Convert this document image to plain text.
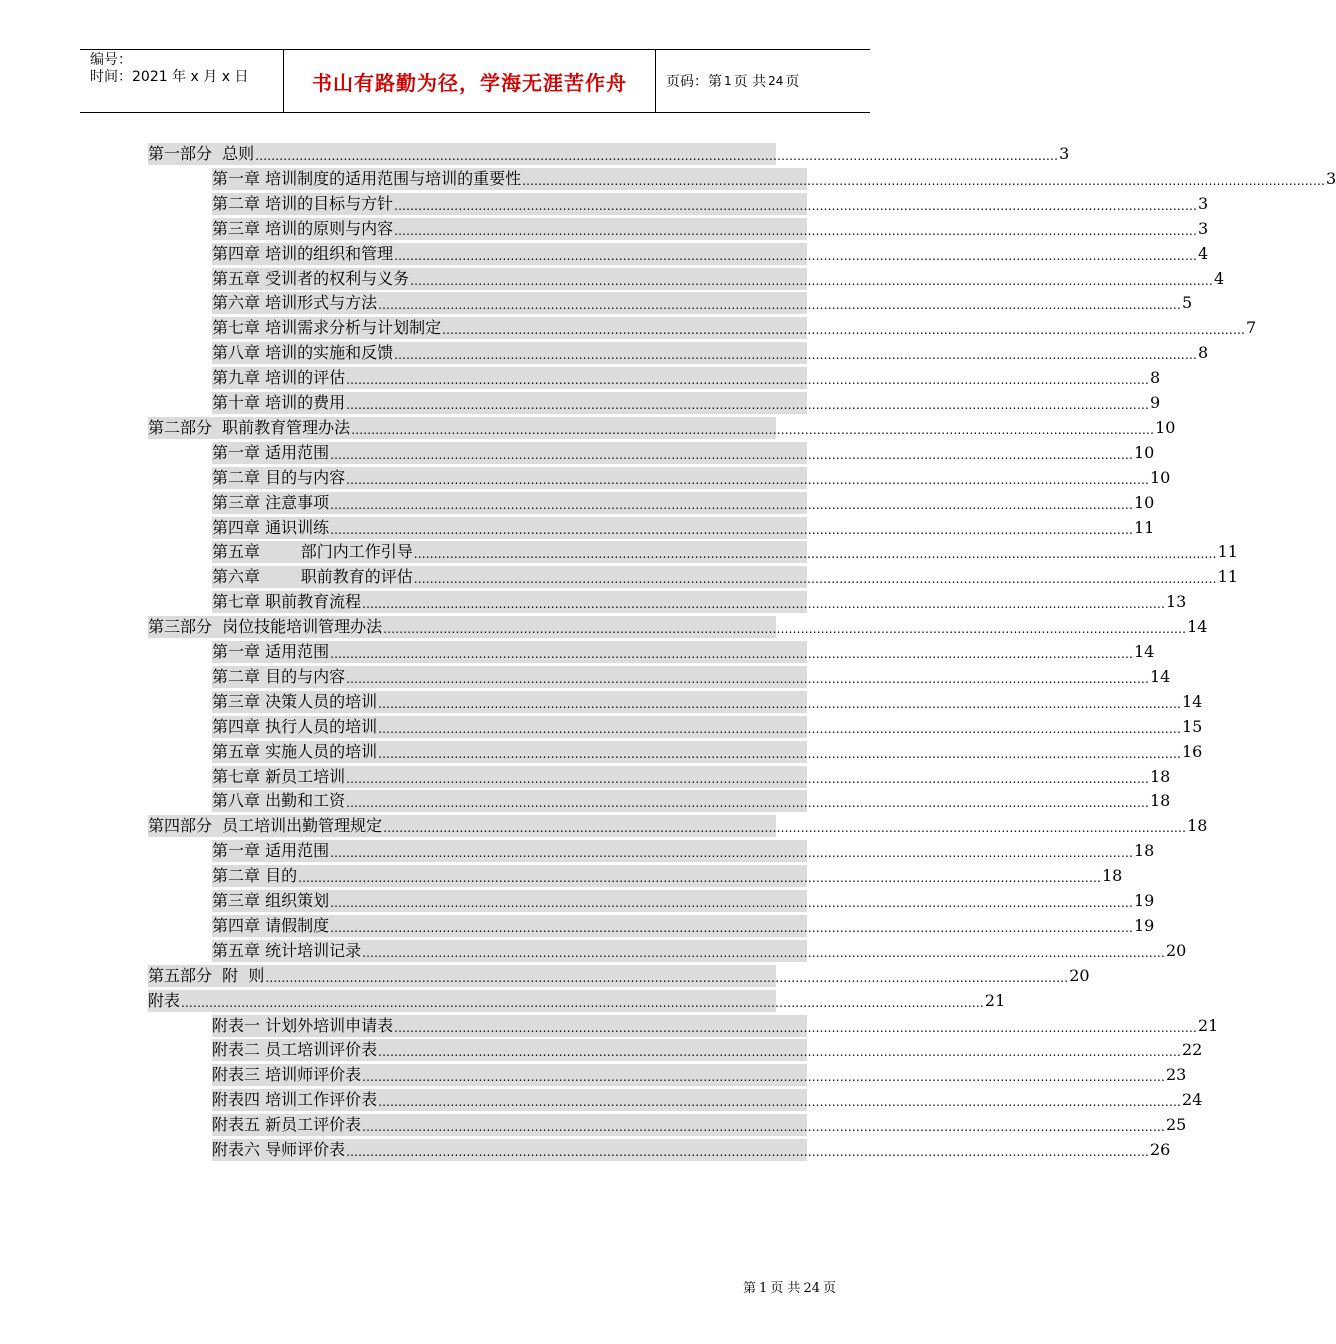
编号：
时间：2021 年 x 月 x 日	书山有路勤为径，学海无涯苦作舟	页码：第 1 页 共 24 页
第一部分  总则 ........................................................................................................................................................................................................ 3
第一章 培训制度的适用范围与培训的重要性 ........................................................................................................................................................................................................ 3
第二章 培训的目标与方针 ........................................................................................................................................................................................................ 3
第三章 培训的原则与内容 ........................................................................................................................................................................................................ 3
第四章 培训的组织和管理 ........................................................................................................................................................................................................ 4
第五章 受训者的权利与义务 ........................................................................................................................................................................................................ 4
第六章 培训形式与方法 ........................................................................................................................................................................................................ 5
第七章 培训需求分析与计划制定 ........................................................................................................................................................................................................ 7
第八章 培训的实施和反馈 ........................................................................................................................................................................................................ 8
第九章 培训的评估 ........................................................................................................................................................................................................ 8
第十章 培训的费用 ........................................................................................................................................................................................................ 9
第二部分  职前教育管理办法 ........................................................................................................................................................................................................ 10
第一章 适用范围 ........................................................................................................................................................................................................ 10
第二章 目的与内容 ........................................................................................................................................................................................................ 10
第三章 注意事项 ........................................................................................................................................................................................................ 10
第四章 通识训练 ........................................................................................................................................................................................................ 11
第五章        部门内工作引导 ........................................................................................................................................................................................................ 11
第六章        职前教育的评估 ........................................................................................................................................................................................................ 11
第七章 职前教育流程 ........................................................................................................................................................................................................ 13
第三部分  岗位技能培训管理办法 ........................................................................................................................................................................................................ 14
第一章 适用范围 ........................................................................................................................................................................................................ 14
第二章 目的与内容 ........................................................................................................................................................................................................ 14
第三章 决策人员的培训 ........................................................................................................................................................................................................ 14
第四章 执行人员的培训 ........................................................................................................................................................................................................ 15
第五章 实施人员的培训 ........................................................................................................................................................................................................ 16
第七章 新员工培训 ........................................................................................................................................................................................................ 18
第八章 出勤和工资 ........................................................................................................................................................................................................ 18
第四部分  员工培训出勤管理规定 ........................................................................................................................................................................................................ 18
第一章 适用范围 ........................................................................................................................................................................................................ 18
第二章 目的 ........................................................................................................................................................................................................ 18
第三章 组织策划 ........................................................................................................................................................................................................ 19
第四章 请假制度 ........................................................................................................................................................................................................ 19
第五章 统计培训记录 ........................................................................................................................................................................................................ 20
第五部分  附  则 ........................................................................................................................................................................................................ 20
附表 ........................................................................................................................................................................................................ 21
附表一 计划外培训申请表 ........................................................................................................................................................................................................ 21
附表二 员工培训评价表 ........................................................................................................................................................................................................ 22
附表三 培训师评价表 ........................................................................................................................................................................................................ 23
附表四 培训工作评价表 ........................................................................................................................................................................................................ 24
附表五 新员工评价表 ........................................................................................................................................................................................................ 25
附表六 导师评价表 ........................................................................................................................................................................................................ 26
第 1 页 共 24 页
